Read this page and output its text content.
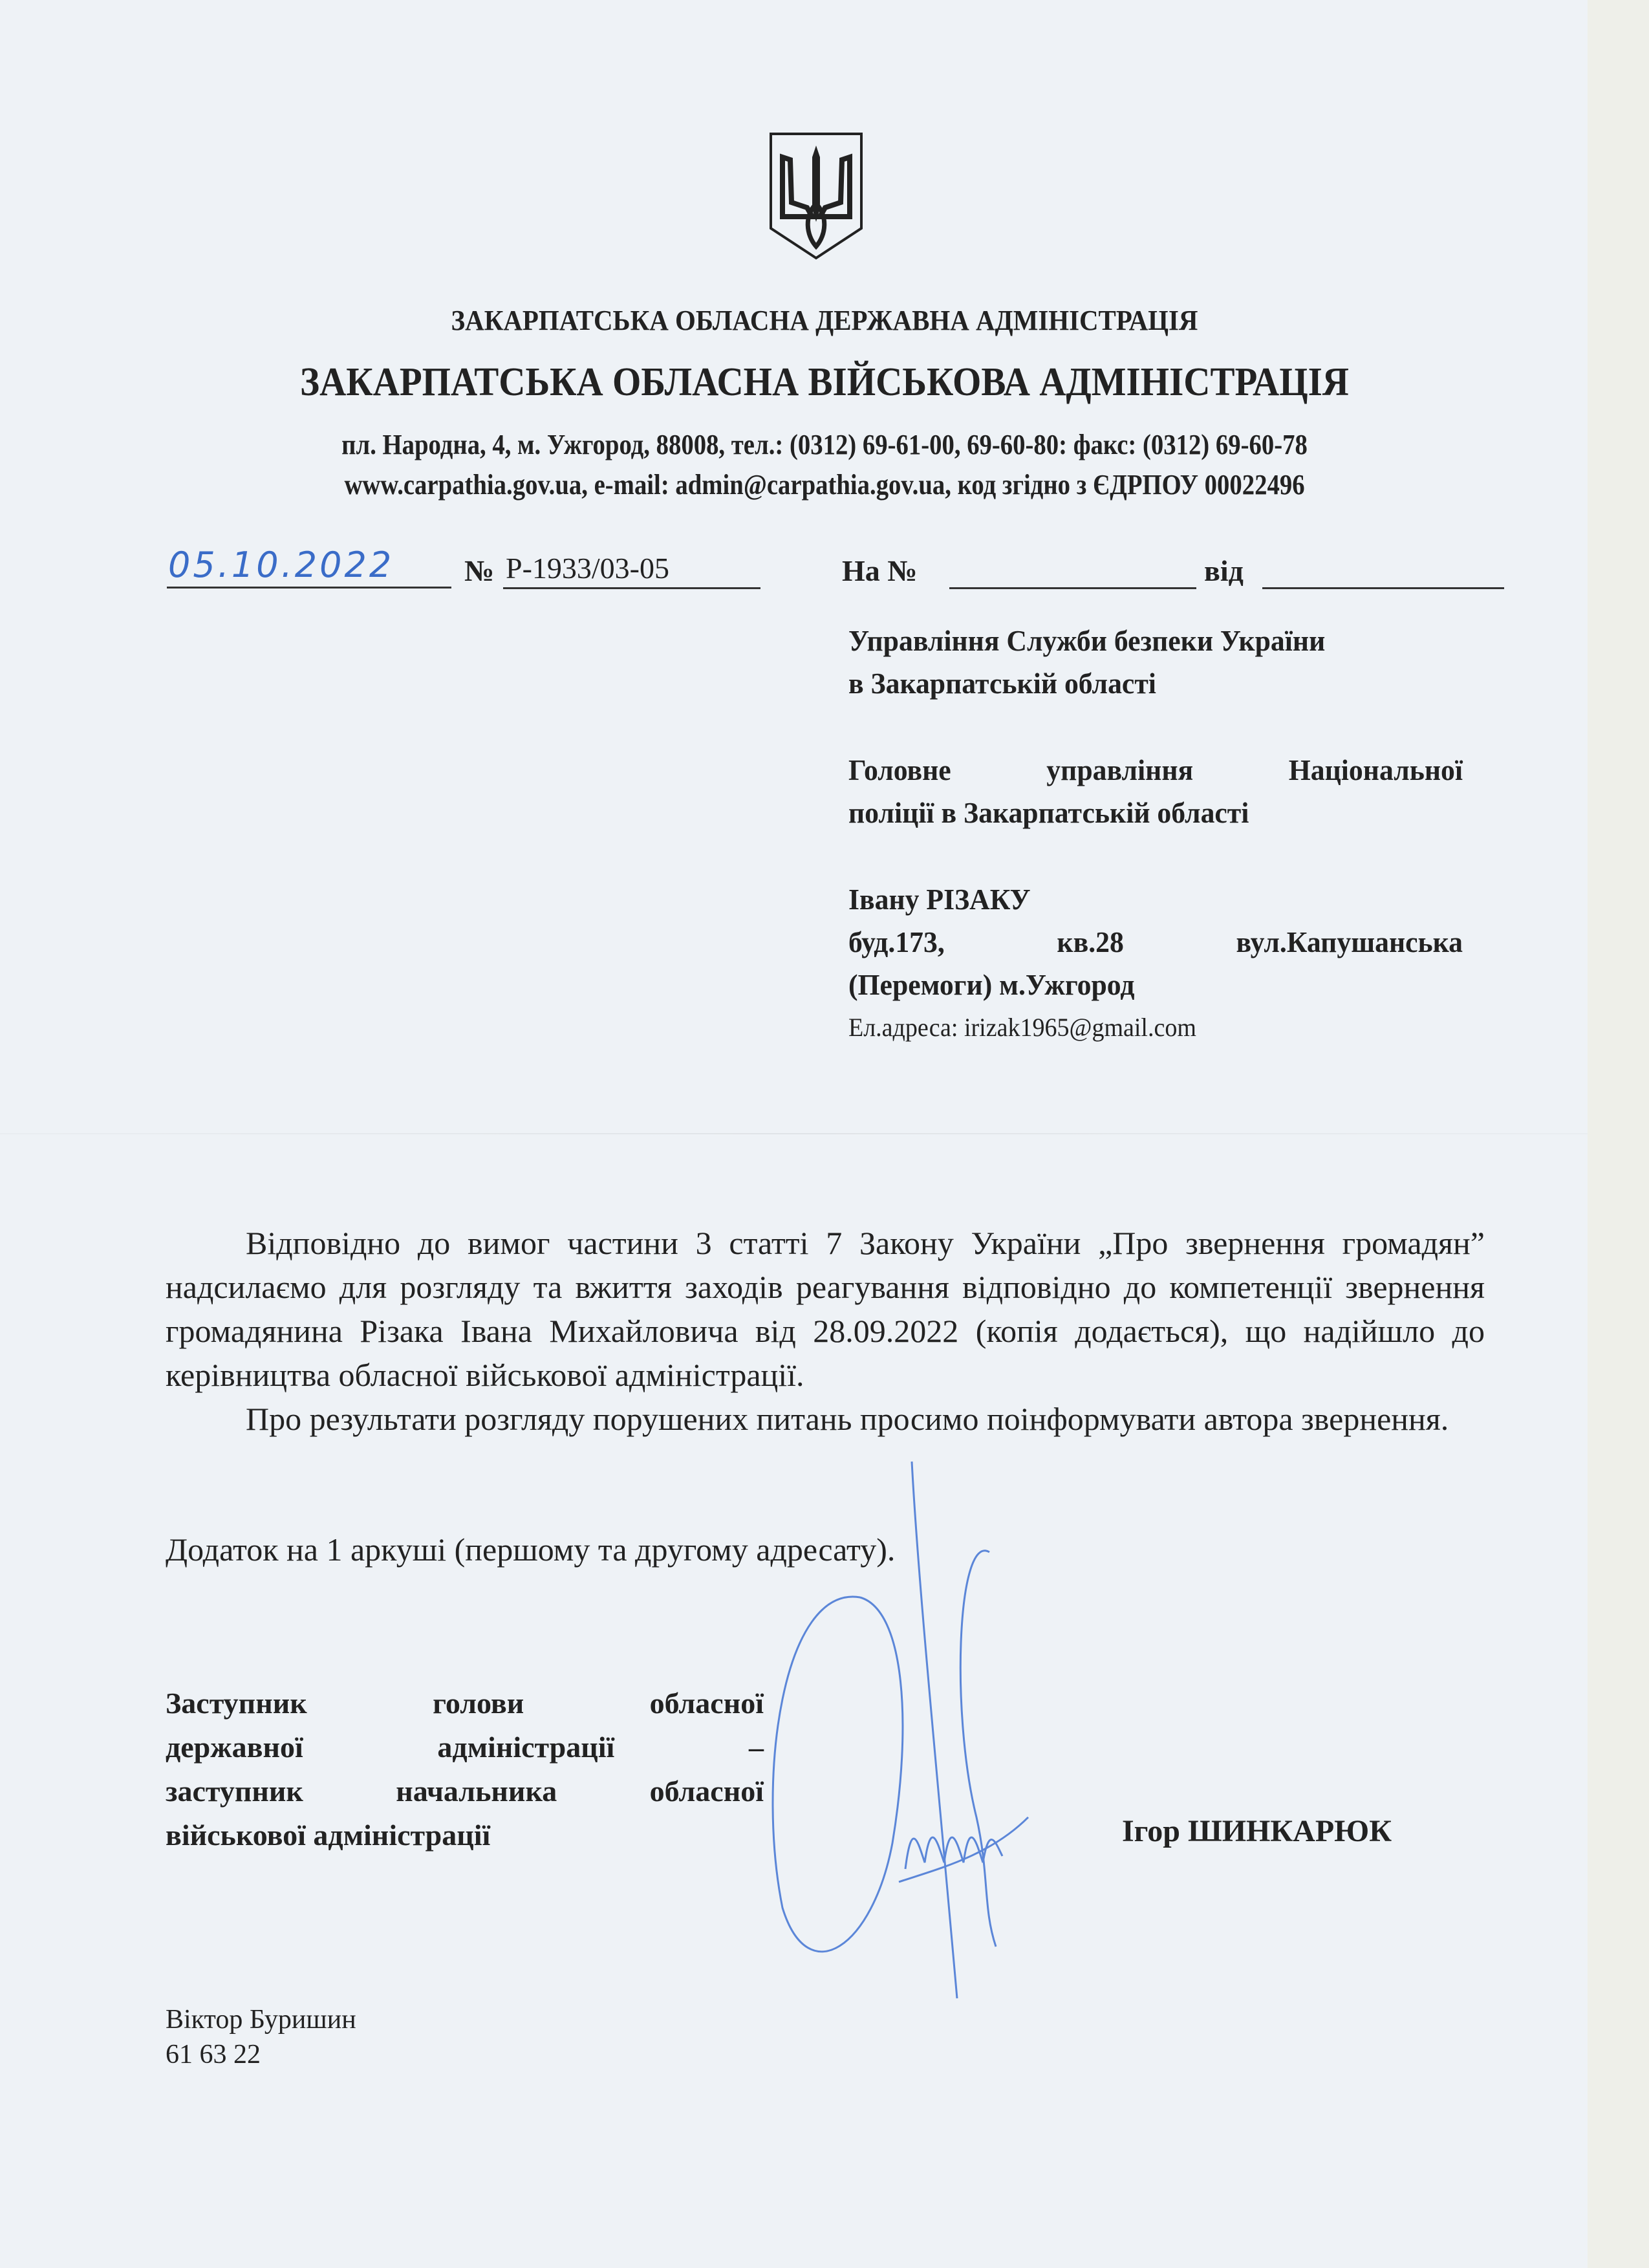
ЗАКАРПАТСЬКА ОБЛАСНА ДЕРЖАВНА АДМІНІСТРАЦІЯ
ЗАКАРПАТСЬКА ОБЛАСНА ВІЙСЬКОВА АДМІНІСТРАЦІЯ
пл. Народна, 4, м. Ужгород, 88008, тел.: (0312) 69-61-00, 69-60-80: факс: (0312) 69-60-78
www.carpathia.gov.ua, e-mail: admin@carpathia.gov.ua, код згідно з ЄДРПОУ 00022496
05.10.2022 № Р-1933/03-05	На №	від
Управління Служби безпеки України
в Закарпатській області
Головне управління Національної
поліції в Закарпатській області
Івану РІЗАКУ
буд.173, кв.28 вул.Капушанська
(Перемоги) м.Ужгород
Ел.адреса: irizak1965@gmail.com
Відповідно до вимог частини 3 статті 7 Закону України „Про звернення громадян” надсилаємо для розгляду та вжиття заходів реагування відповідно до компетенції звернення громадянина Різака Івана Михайловича від 28.09.2022 (копія додається), що надійшло до керівництва обласної військової адміністрації.
Про результати розгляду порушених питань просимо поінформувати автора звернення.
Додаток на 1 аркуші (першому та другому адресату).
Заступник голови обласної
державної адміністрації –
заступник начальника обласної
військової адміністрації	Ігор ШИНКАРЮК
Віктор Буришин
61 63 22
